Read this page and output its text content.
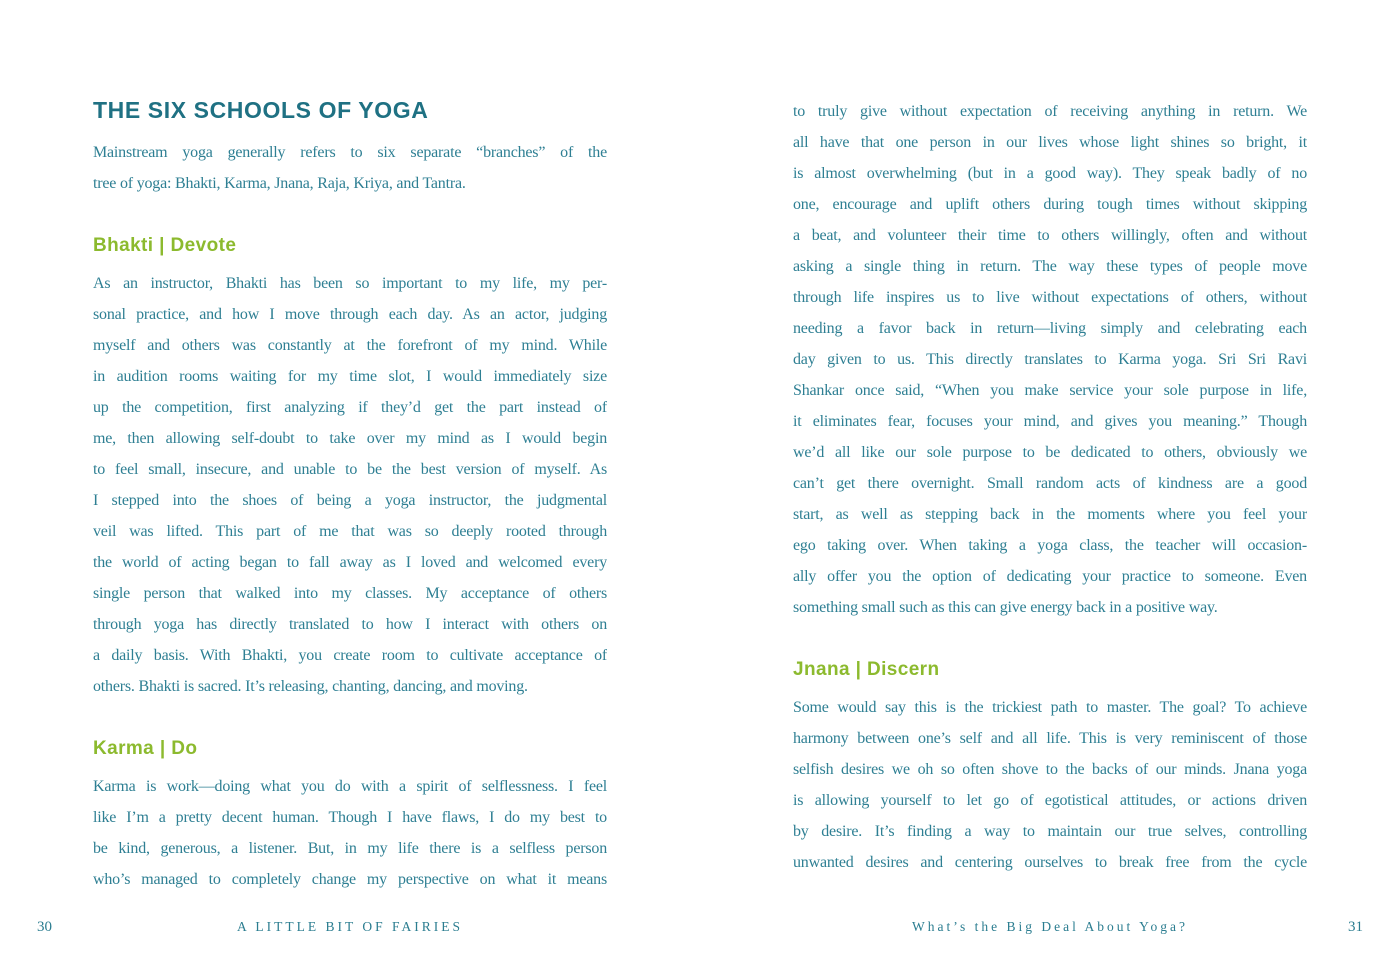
THE SIX SCHOOLS OF YOGA
Mainstream yoga generally refers to six separate “branches” of the
tree of yoga: Bhakti, Karma, Jnana, Raja, Kriya, and Tantra.
Bhakti | Devote
As an instructor, Bhakti has been so important to my life, my per-
sonal practice, and how I move through each day. As an actor, judging
myself and others was constantly at the forefront of my mind. While
in audition rooms waiting for my time slot, I would immediately size
up the competition, first analyzing if they’d get the part instead of
me, then allowing self-doubt to take over my mind as I would begin
to feel small, insecure, and unable to be the best version of myself. As
I stepped into the shoes of being a yoga instructor, the judgmental
veil was lifted. This part of me that was so deeply rooted through
the world of acting began to fall away as I loved and welcomed every
single person that walked into my classes. My acceptance of others
through yoga has directly translated to how I interact with others on
a daily basis. With Bhakti, you create room to cultivate acceptance of
others. Bhakti is sacred. It’s releasing, chanting, dancing, and moving.
Karma | Do
Karma is work—doing what you do with a spirit of selflessness. I feel
like I’m a pretty decent human. Though I have flaws, I do my best to
be kind, generous, a listener. But, in my life there is a selfless person
who’s managed to completely change my perspective on what it means
30	A LITTLE BIT OF FAIRIES
to truly give without expectation of receiving anything in return. We
all have that one person in our lives whose light shines so bright, it
is almost overwhelming (but in a good way). They speak badly of no
one, encourage and uplift others during tough times without skipping
a beat, and volunteer their time to others willingly, often and without
asking a single thing in return. The way these types of people move
through life inspires us to live without expectations of others, without
needing a favor back in return—living simply and celebrating each
day given to us. This directly translates to Karma yoga. Sri Sri Ravi
Shankar once said, “When you make service your sole purpose in life,
it eliminates fear, focuses your mind, and gives you meaning.” Though
we’d all like our sole purpose to be dedicated to others, obviously we
can’t get there overnight. Small random acts of kindness are a good
start, as well as stepping back in the moments where you feel your
ego taking over. When taking a yoga class, the teacher will occasion-
ally offer you the option of dedicating your practice to someone. Even
something small such as this can give energy back in a positive way.
Jnana | Discern
Some would say this is the trickiest path to master. The goal? To achieve
harmony between one’s self and all life. This is very reminiscent of those
selfish desires we oh so often shove to the backs of our minds. Jnana yoga
is allowing yourself to let go of egotistical attitudes, or actions driven
by desire. It’s finding a way to maintain our true selves, controlling
unwanted desires and centering ourselves to break free from the cycle
What’s the Big Deal About Yoga?	31
